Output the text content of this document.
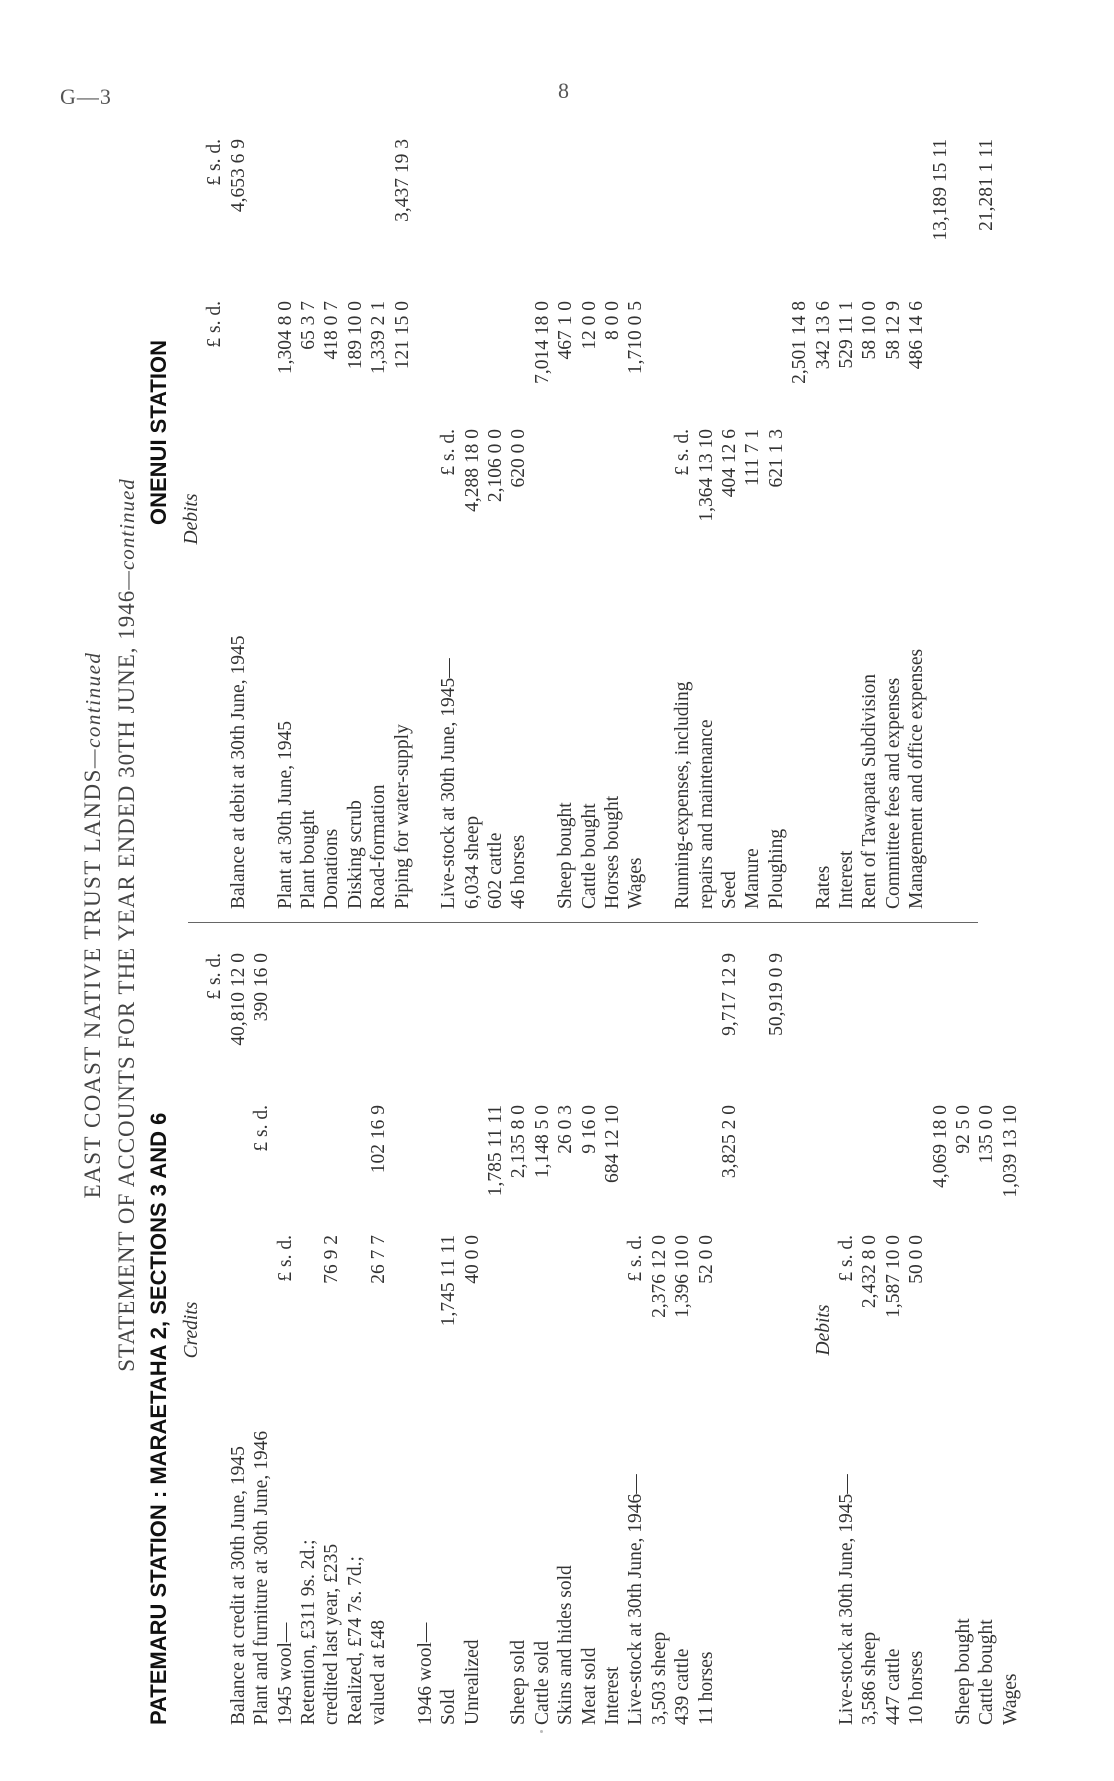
G—3	8
EAST COAST NATIVE TRUST LANDS—continued STATEMENT OF ACCOUNTS FOR THE YEAR ENDED 30TH JUNE, 1946—continued
PATEMARU STATION : MARAETAHA 2, SECTIONS 3 AND 6
ONENUI STATION
Credits
£ s. d.
Balance at credit at 30th June, 1945
40,810 12 0
Plant and furniture at 30th June, 1946
£ s. d.
390 16 0
1945 wool—
£ s. d.
Retention, £311 9s. 2d.; credited last year, £235
76 9 2
Realized, £74 7s. 7d.; valued at £48
26 7 7
102 16 9
1946 wool— Sold
1,745 11 11
Unrealized
40 0 0
1,785 11 11
Sheep sold
2,135 8 0
Cattle sold
1,148 5 0
Skins and hides sold
26 0 3
Meat sold
9 16 0
Interest
684 12 10
Live-stock at 30th June, 1946—
£ s. d.
3,503 sheep
2,376 12 0
439 cattle
1,396 10 0
11 horses
52 0 0
3,825 2 0
9,717 12 9 50,919 0 9
Debits
Live-stock at 30th June, 1945—
£ s. d.
3,586 sheep
2,432 8 0
447 cattle
1,587 10 0
10 horses
50 0 0
4,069 18 0
Sheep bought
92 5 0
Cattle bought
135 0 0
Wages
1,039 13 10
Debits
£ s. d.
£ s. d.
Balance at debit at 30th June, 1945
4,653 6 9
Plant at 30th June, 1945
1,304 8 0
Plant bought
65 3 7
Donations
418 0 7
Disking scrub
189 10 0
Road-formation
1,339 2 1
Piping for water-supply
121 15 0
3,437 19 3
Live-stock at 30th June, 1945—
£ s. d.
6,034 sheep
4,288 18 0
602 cattle
2,106 0 0
46 horses
620 0 0
7,014 18 0
Sheep bought
467 1 0
Cattle bought
12 0 0
Horses bought
8 0 0
Wages
1,710 0 5
Running-expenses, including
£ s. d.
repairs and maintenance
1,364 13 10
Seed
404 12 6
Manure
111 7 1
Ploughing
621 1 3
2,501 14 8
Rates
342 13 6
Interest
529 11 1
Rent of Tawapata Subdivision
58 10 0
Committee fees and expenses
58 12 9
Management and office expenses
486 14 6
13,189 15 11 21,281 1 11
